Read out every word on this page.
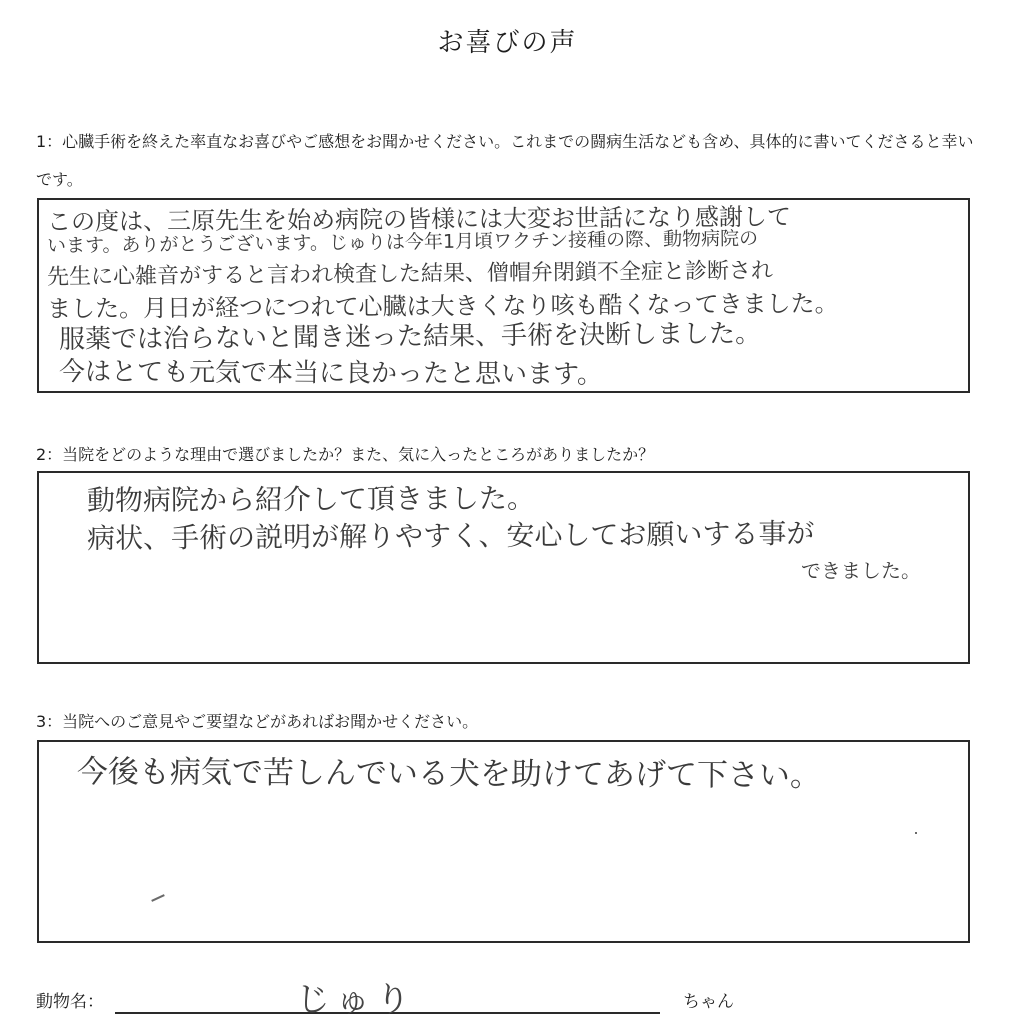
お喜びの声
1：心臓手術を終えた率直なお喜びやご感想をお聞かせください。これまでの闘病生活なども含め、具体的に書いてくださると幸いです。
この度は、三原先生を始め病院の皆様には大変お世話になり感謝して
います。ありがとうございます。じゅりは今年1月頃ワクチン接種の際、動物病院の
先生に心雑音がすると言われ検査した結果、僧帽弁閉鎖不全症と診断され
ました。月日が経つにつれて心臓は大きくなり咳も酷くなってきました。
服薬では治らないと聞き迷った結果、手術を決断しました。
今はとても元気で本当に良かったと思います。
2：当院をどのような理由で選びましたか？また、気に入ったところがありましたか？
動物病院から紹介して頂きました。
病状、手術の説明が解りやすく、安心してお願いする事が
できました。
3：当院へのご意見やご要望などがあればお聞かせください。
今後も病気で苦しんでいる犬を助けてあげて下さい。
動物名：	じゅり	ちゃん
